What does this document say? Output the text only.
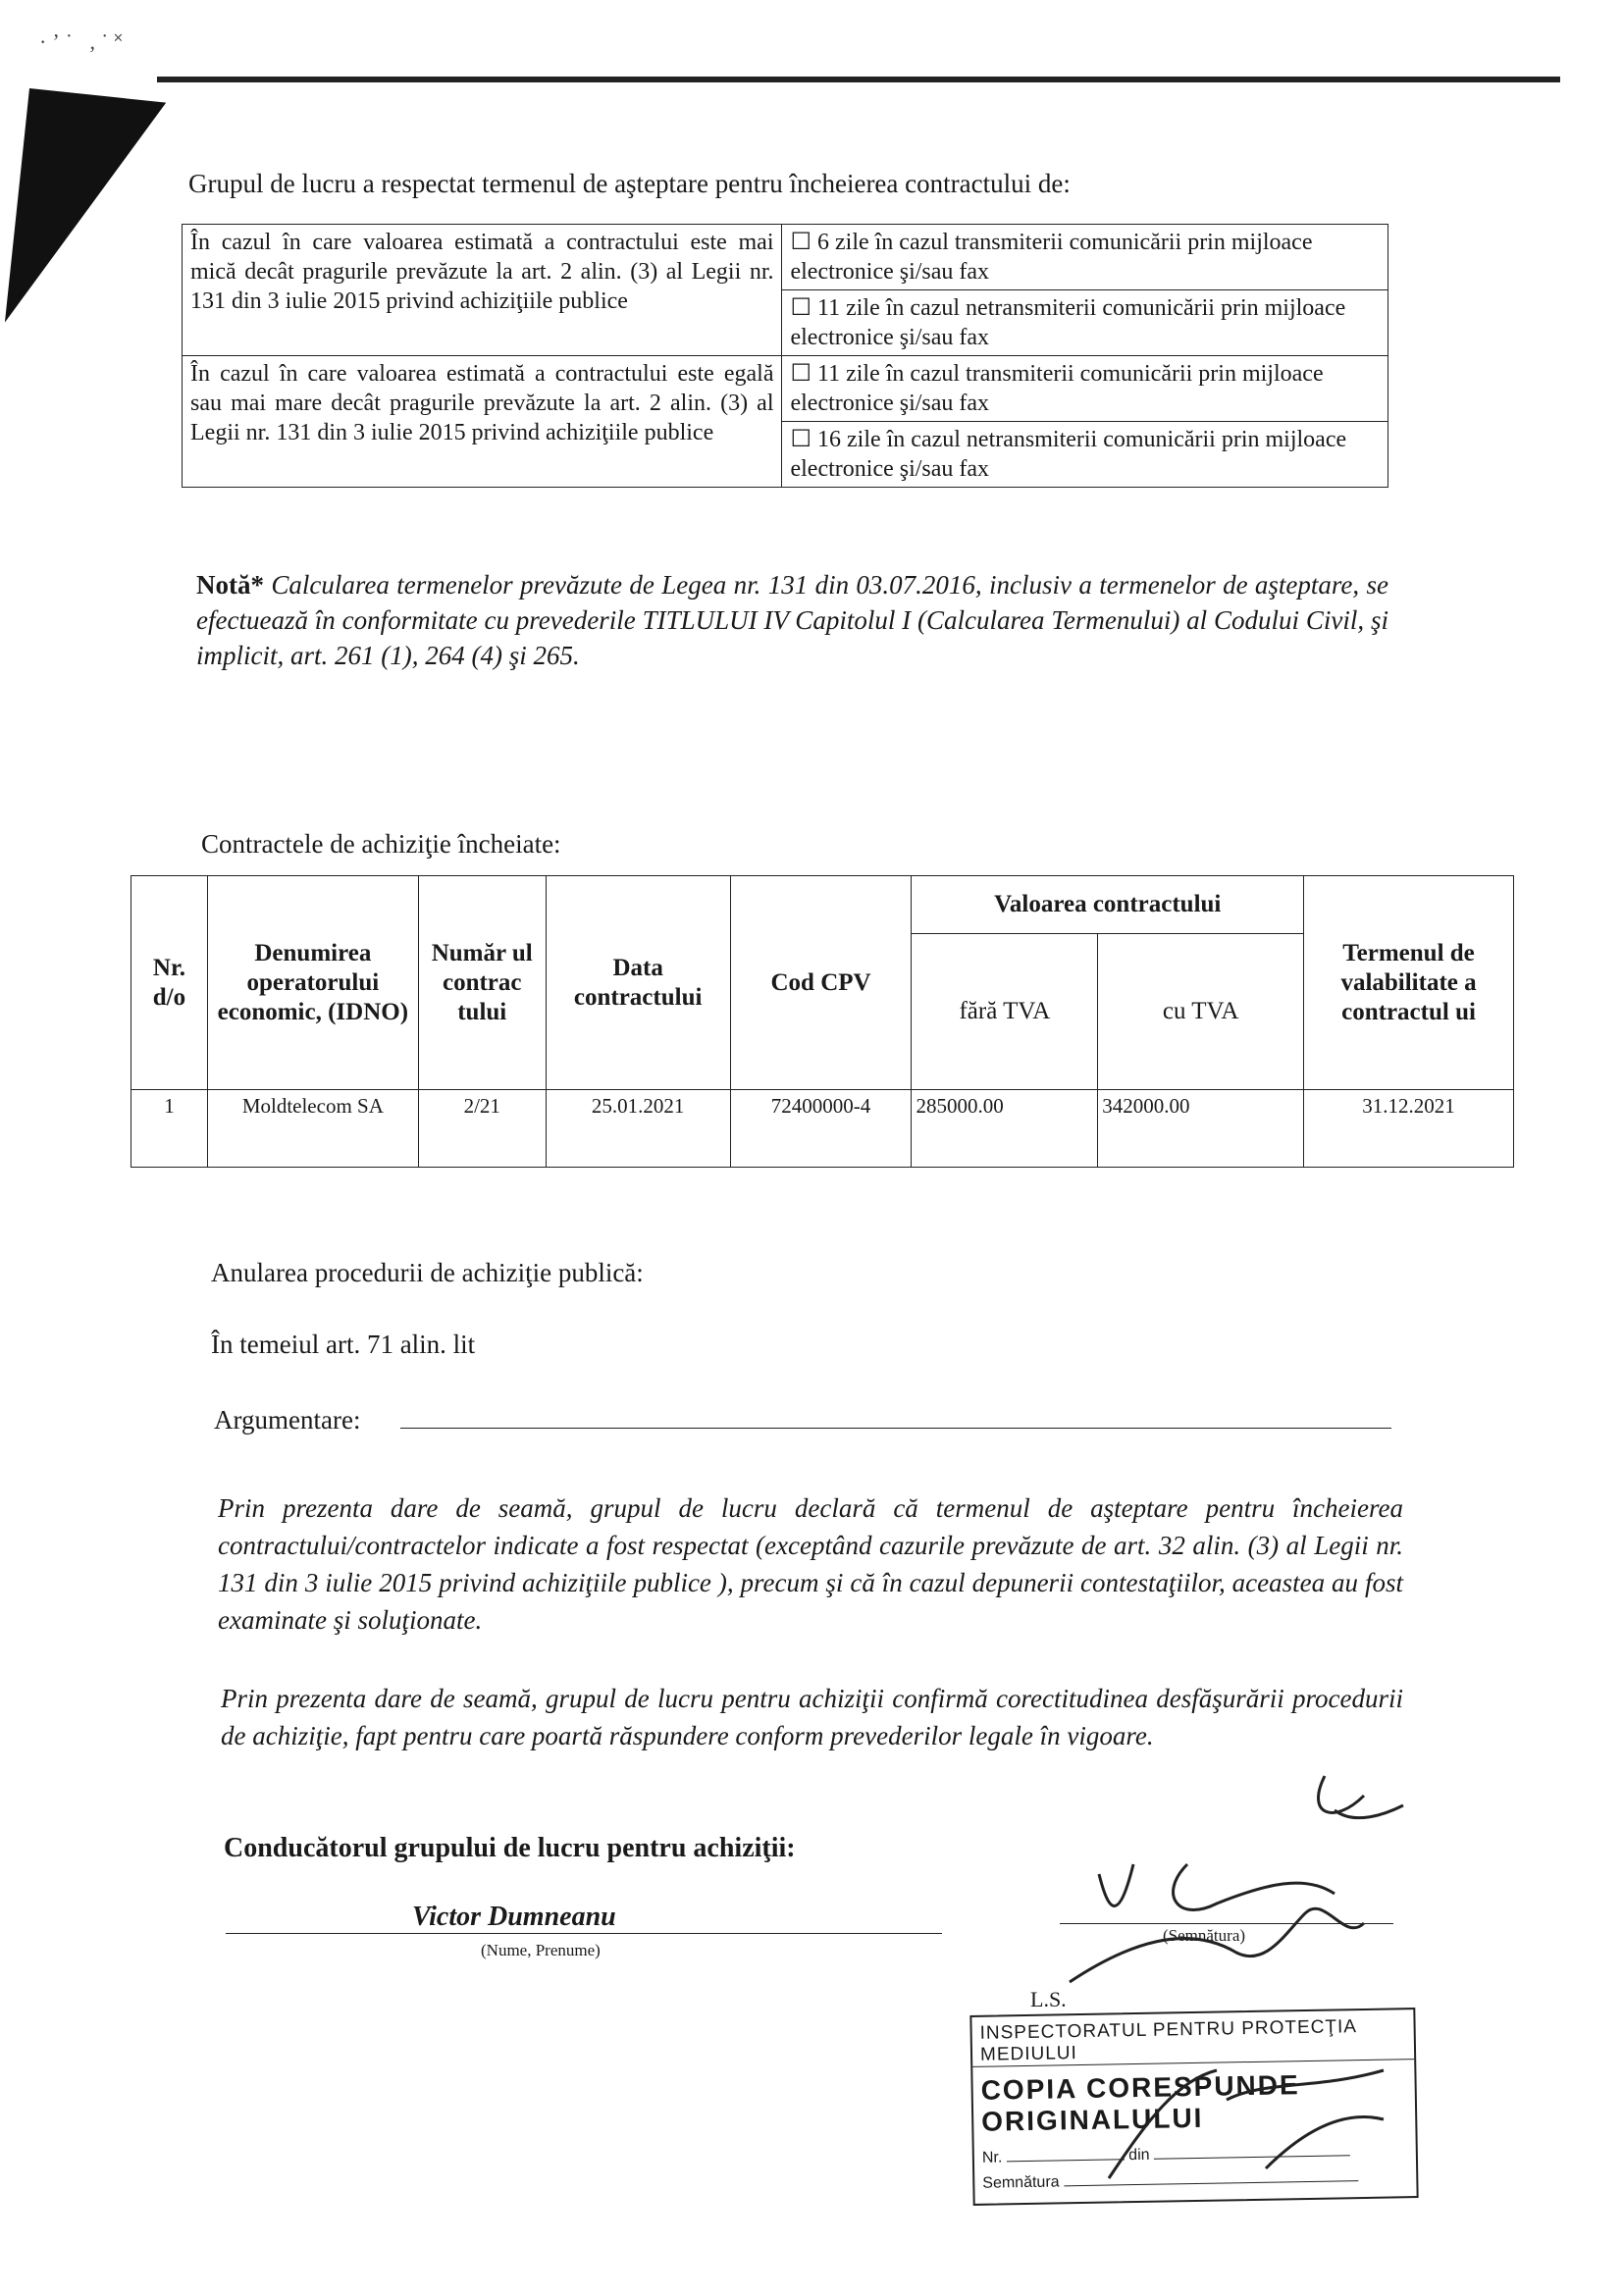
·ʼ˙ ,˙˟
Grupul de lucru a respectat termenul de aşteptare pentru încheierea contractului de:
În cazul în care valoarea estimată a contractului este mai mică decât pragurile prevăzute la art. 2 alin. (3) al Legii nr. 131 din 3 iulie 2015 privind achiziţiile publice	☐ 6 zile în cazul transmiterii comunicării prin mijloace electronice şi/sau fax
	☐ 11 zile în cazul netransmiterii comunicării prin mijloace electronice şi/sau fax
În cazul în care valoarea estimată a contractului este egală sau mai mare decât pragurile prevăzute la art. 2 alin. (3) al Legii nr. 131 din 3 iulie 2015 privind achiziţiile publice	☐ 11 zile în cazul transmiterii comunicării prin mijloace electronice şi/sau fax
	☐ 16 zile în cazul netransmiterii comunicării prin mijloace electronice şi/sau fax
Notă* Calcularea termenelor prevăzute de Legea nr. 131 din 03.07.2016, inclusiv a termenelor de aşteptare, se efectuează în conformitate cu prevederile TITLULUI IV Capitolul I (Calcularea Termenului) al Codului Civil, şi implicit, art. 261 (1), 264 (4) şi 265.
Contractele de achiziţie încheiate:
Nr. d/o	Denumirea operatorului economic, (IDNO)	Număr ul contrac tului	Data contractului	Cod CPV	Valoarea contractului		Termenul de valabilitate a contractul ui
					fără TVA	cu TVA	
1	Moldtelecom SA	2/21	25.01.2021	72400000-4	285000.00	342000.00	31.12.2021
Anularea procedurii de achiziţie publică:
În temeiul art. 71 alin. lit
Argumentare:
Prin prezenta dare de seamă, grupul de lucru declară că termenul de aşteptare pentru încheierea contractului/contractelor indicate a fost respectat (exceptând cazurile prevăzute de art. 32 alin. (3) al Legii nr. 131 din 3 iulie 2015 privind achiziţiile publice ), precum şi că în cazul depunerii contestaţiilor, aceastea au fost examinate şi soluţionate.
Prin prezenta dare de seamă, grupul de lucru pentru achiziţii confirmă corectitudinea desfăşurării procedurii de achiziţie, fapt pentru care poartă răspundere conform prevederilor legale în vigoare.
Conducătorul grupului de lucru pentru achiziţii:
Victor Dumneanu
(Nume, Prenume)
(Semnătura)
L.S.
INSPECTORATUL PENTRU PROTECŢIA MEDIULUI
COPIA CORESPUNDE ORIGINALULUI
Nr.	din
Semnătura
